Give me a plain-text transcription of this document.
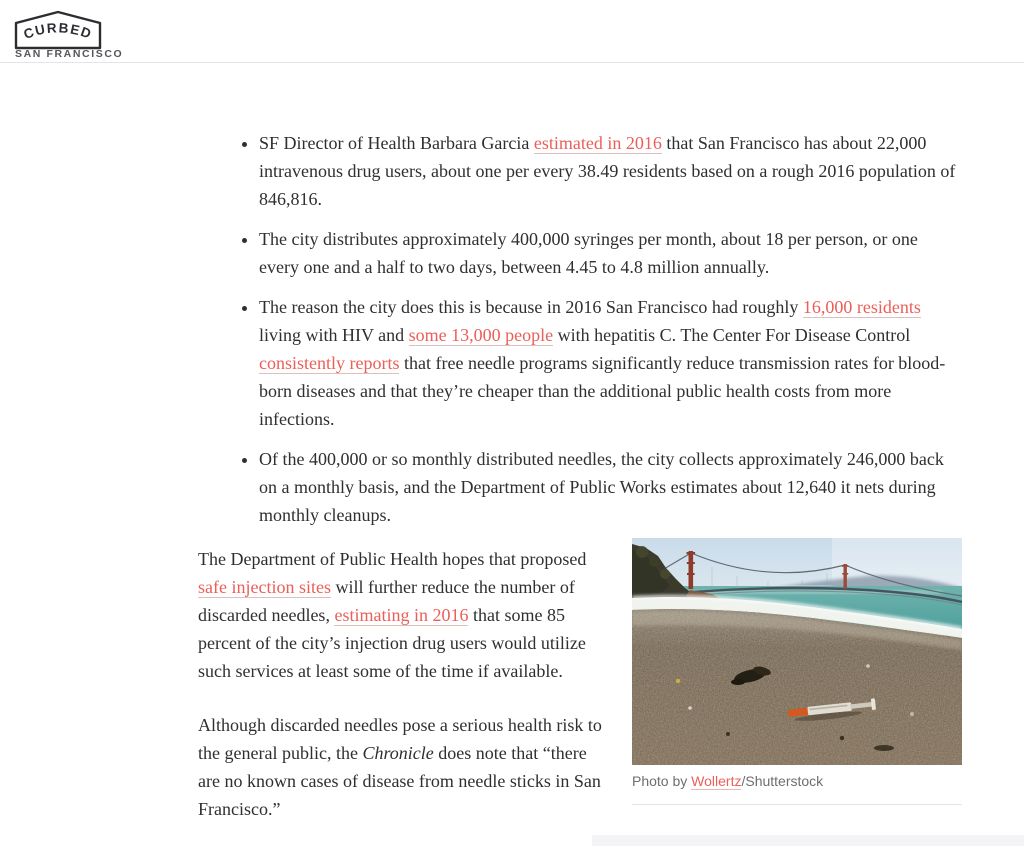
CURBED
SAN FRANCISCO
• SF Director of Health Barbara Garcia estimated in 2016 that San Francisco has about 22,000 intravenous drug users, about one per every 38.49 residents based on a rough 2016 population of 846,816.
• The city distributes approximately 400,000 syringes per month, about 18 per person, or one every one and a half to two days, between 4.45 to 4.8 million annually.
• The reason the city does this is because in 2016 San Francisco had roughly 16,000 residents living with HIV and some 13,000 people with hepatitis C. The Center For Disease Control consistently reports that free needle programs significantly reduce transmission rates for blood-born diseases and that they’re cheaper than the additional public health costs from more infections.
• Of the 400,000 or so monthly distributed needles, the city collects approximately 246,000 back on a monthly basis, and the Department of Public Works estimates about 12,640 it nets during monthly cleanups.
Photo by Wollertz/Shutterstock

The Department of Public Health hopes that proposed safe injection sites will further reduce the number of discarded needles, estimating in 2016 that some 85 percent of the city’s injection drug users would utilize such services at least some of the time if available.

Although discarded needles pose a serious health risk to the general public, the Chronicle does note that “there are no known cases of disease from needle sticks in San Francisco.”
